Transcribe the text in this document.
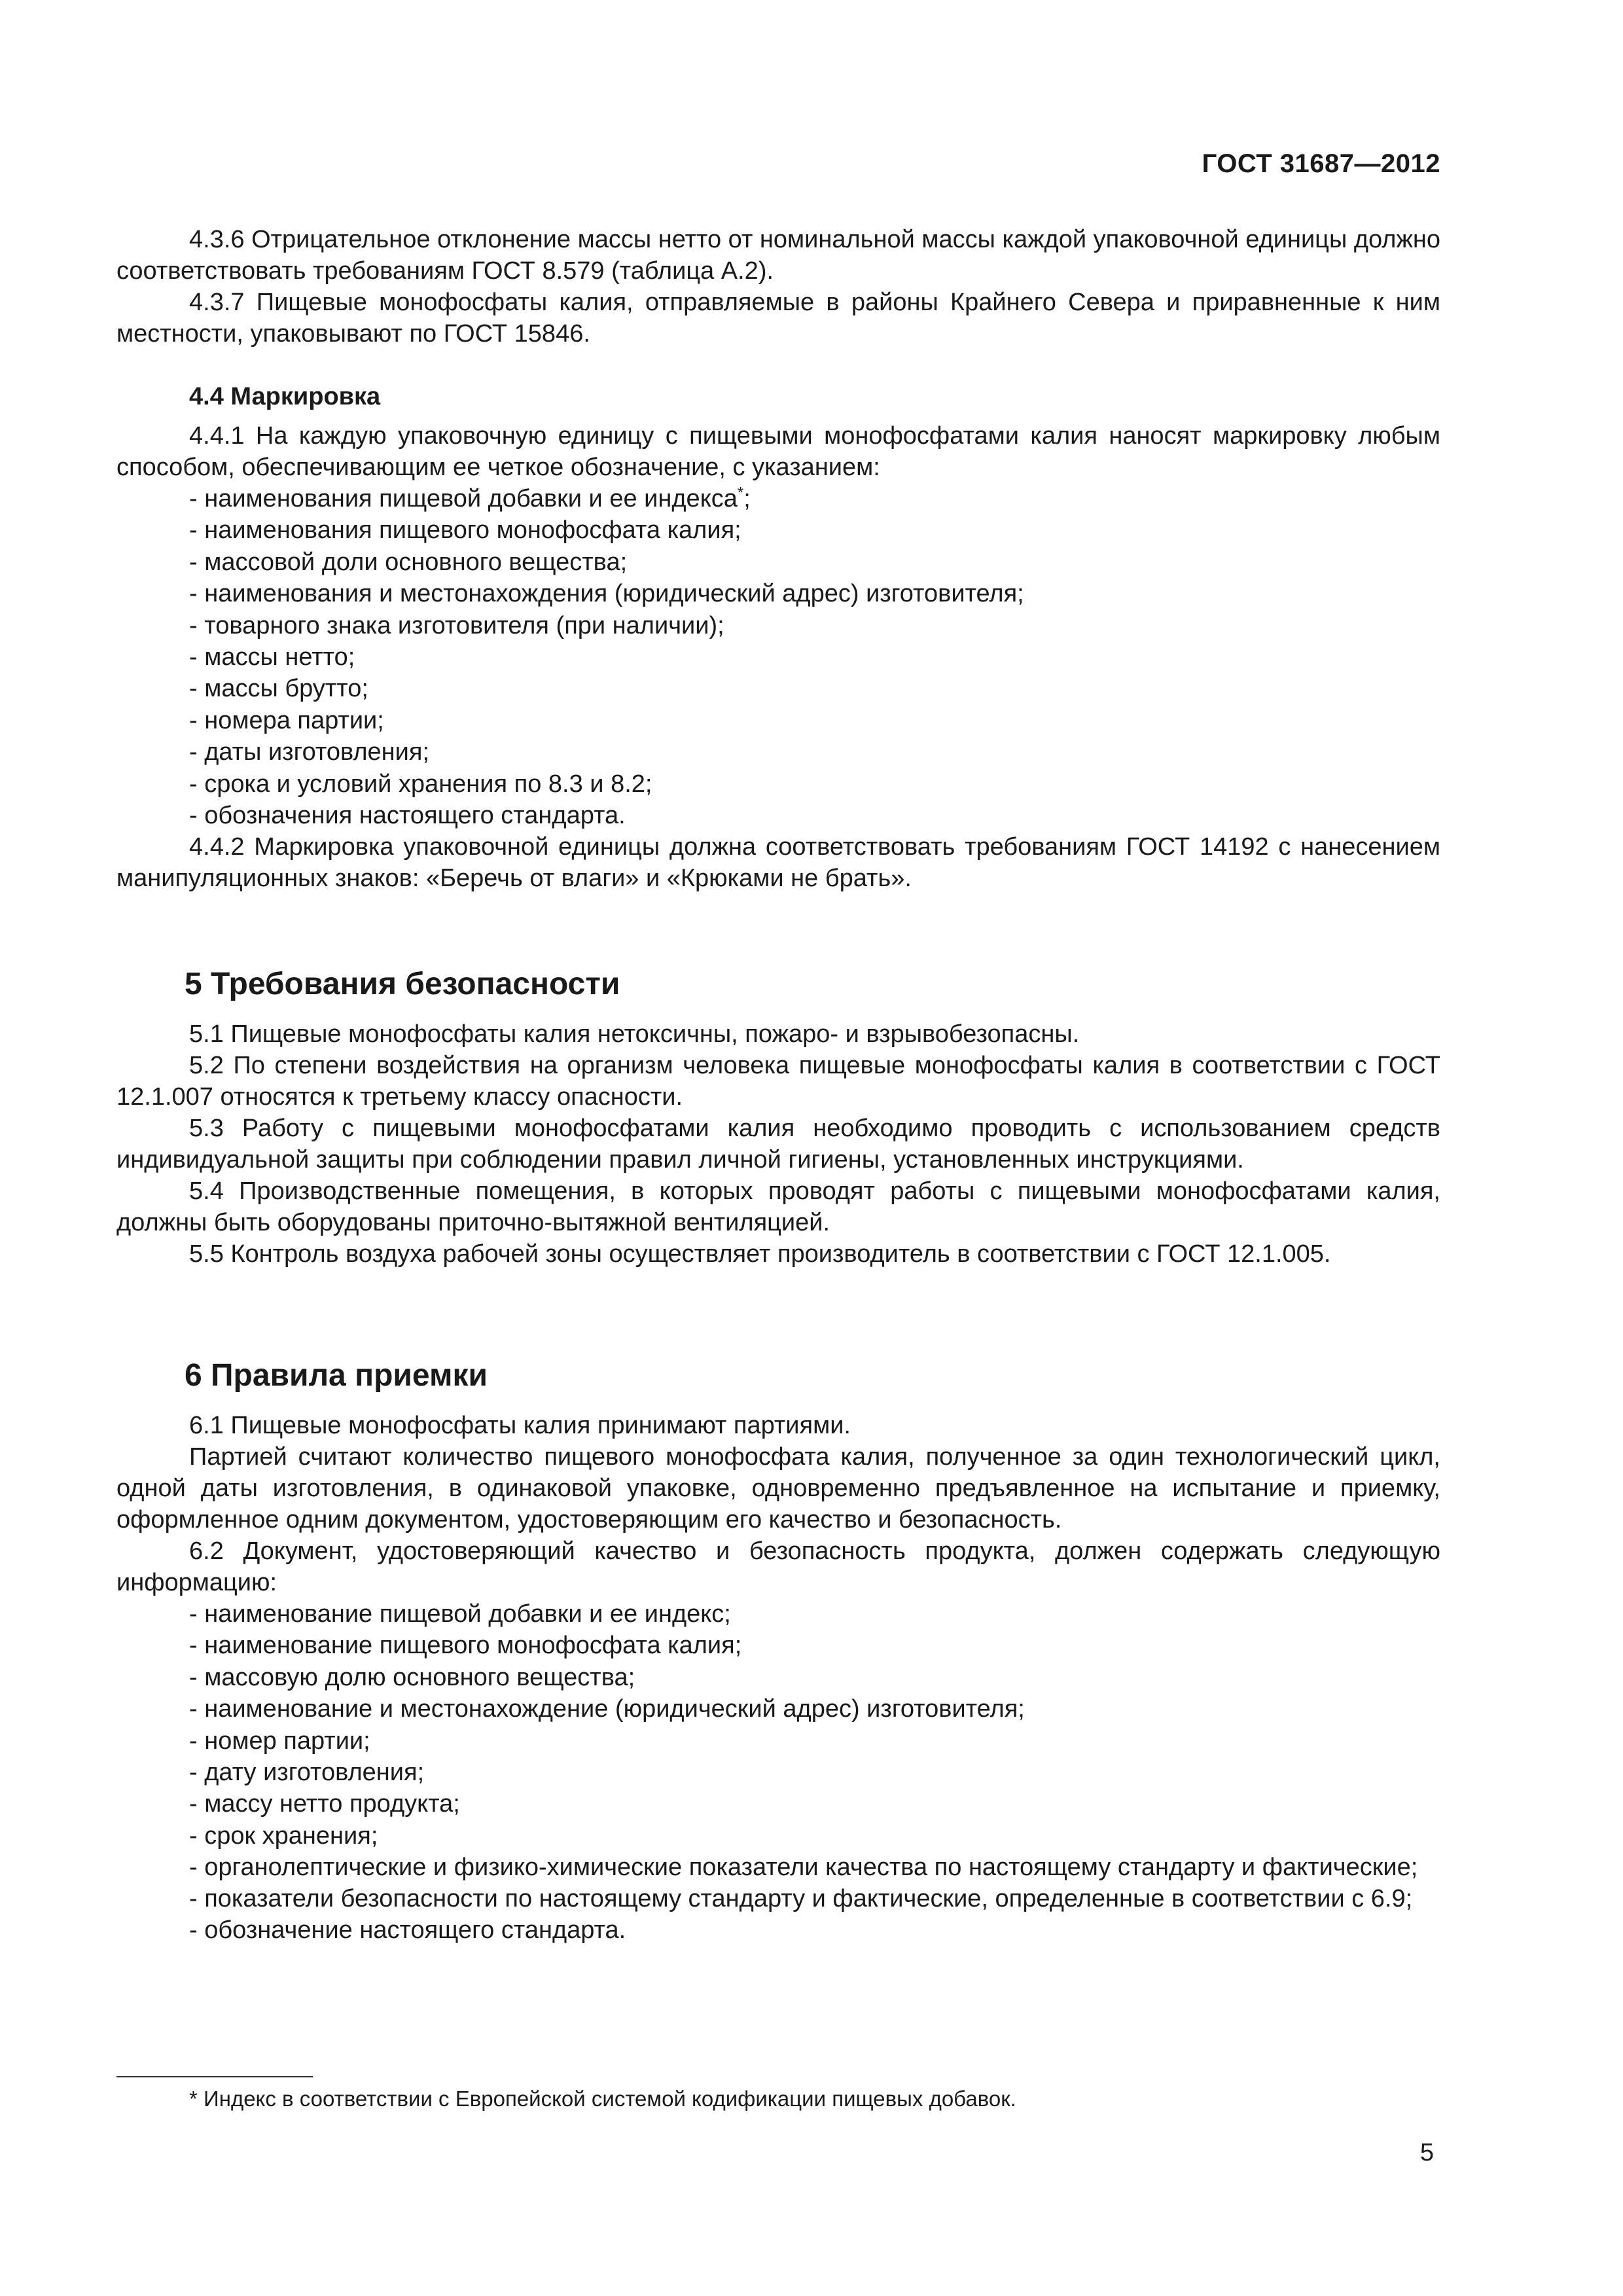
ГОСТ 31687—2012

4.3.6 Отрицательное отклонение массы нетто от номинальной массы каждой упаковочной единицы должно соответствовать требованиям ГОСТ 8.579 (таблица А.2).

4.3.7 Пищевые монофосфаты калия, отправляемые в районы Крайнего Севера и приравненные к ним местности, упаковывают по ГОСТ 15846.

4.4 Маркировка

4.4.1 На каждую упаковочную единицу с пищевыми монофосфатами калия наносят маркировку любым способом, обеспечивающим ее четкое обозначение, с указанием:

- наименования пищевой добавки и ее индекса*;

- наименования пищевого монофосфата калия;

- массовой доли основного вещества;

- наименования и местонахождения (юридический адрес) изготовителя;

- товарного знака изготовителя (при наличии);

- массы нетто;

- массы брутто;

- номера партии;

- даты изготовления;

- срока и условий хранения по 8.3 и 8.2;

- обозначения настоящего стандарта.

4.4.2 Маркировка упаковочной единицы должна соответствовать требованиям ГОСТ 14192 с нанесением манипуляционных знаков: «Беречь от влаги» и «Крюками не брать».

5 Требования безопасности

5.1 Пищевые монофосфаты калия нетоксичны, пожаро- и взрывобезопасны.

5.2 По степени воздействия на организм человека пищевые монофосфаты калия в соответствии с ГОСТ 12.1.007 относятся к третьему классу опасности.

5.3 Работу с пищевыми монофосфатами калия необходимо проводить с использованием средств индивидуальной защиты при соблюдении правил личной гигиены, установленных инструкциями.

5.4 Производственные помещения, в которых проводят работы с пищевыми монофосфатами калия, должны быть оборудованы приточно-вытяжной вентиляцией.

5.5 Контроль воздуха рабочей зоны осуществляет производитель в соответствии с ГОСТ 12.1.005.

6 Правила приемки

6.1 Пищевые монофосфаты калия принимают партиями.

Партией считают количество пищевого монофосфата калия, полученное за один технологический цикл, одной даты изготовления, в одинаковой упаковке, одновременно предъявленное на испытание и приемку, оформленное одним документом, удостоверяющим его качество и безопасность.

6.2 Документ, удостоверяющий качество и безопасность продукта, должен содержать следующую информацию:

- наименование пищевой добавки и ее индекс;

- наименование пищевого монофосфата калия;

- массовую долю основного вещества;

- наименование и местонахождение (юридический адрес) изготовителя;

- номер партии;

- дату изготовления;

- массу нетто продукта;

- срок хранения;

- органолептические и физико-химические показатели качества по настоящему стандарту и фактические;

- показатели безопасности по настоящему стандарту и фактические, определенные в соответствии с 6.9;

- обозначение настоящего стандарта.

* Индекс в соответствии с Европейской системой кодификации пищевых добавок.
5
